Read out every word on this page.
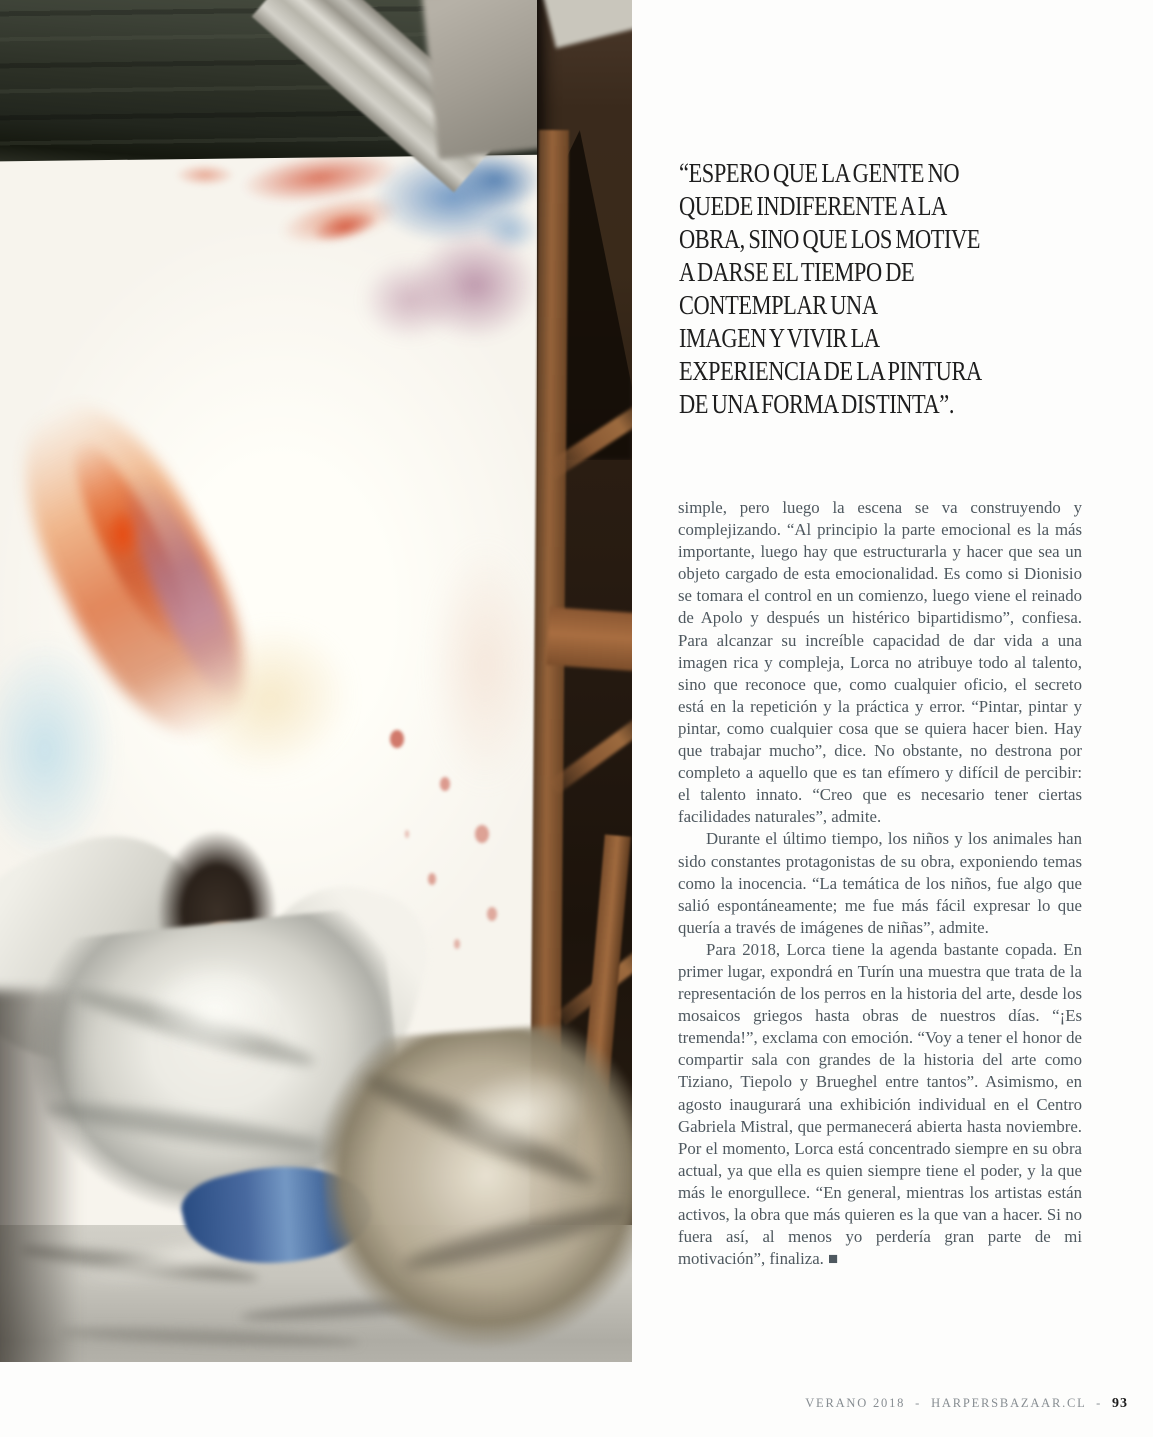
“ESPERO QUE LA GENTE NO
QUEDE INDIFERENTE A LA
OBRA, SINO QUE LOS MOTIVE
A DARSE EL TIEMPO DE
CONTEMPLAR UNA
IMAGEN Y VIVIR LA
EXPERIENCIA DE LA PINTURA
DE UNA FORMA DISTINTA”.

simple, pero luego la escena se va construyendo y complejizando. “Al principio la parte emocional es la más importante, luego hay que estructurarla y hacer que sea un objeto cargado de esta emocionalidad. Es como si Dionisio se tomara el control en un comienzo, luego viene el reinado de Apolo y después un histérico bipartidismo”, confiesa. Para alcanzar su increíble capacidad de dar vida a una imagen rica y compleja, Lorca no atribuye todo al talento, sino que reconoce que, como cualquier oficio, el secreto está en la repetición y la práctica y error. “Pintar, pintar y pintar, como cualquier cosa que se quiera hacer bien. Hay que trabajar mucho”, dice. No obstante, no destrona por completo a aquello que es tan efímero y difícil de percibir: el talento innato. “Creo que es necesario tener ciertas facilidades naturales”, admite.

Durante el último tiempo, los niños y los animales han sido constantes protagonistas de su obra, exponiendo temas como la inocencia. “La temática de los niños, fue algo que salió espontáneamente; me fue más fácil expresar lo que quería a través de imágenes de niñas”, admite.

Para 2018, Lorca tiene la agenda bastante copada. En primer lugar, expondrá en Turín una muestra que trata de la representación de los perros en la historia del arte, desde los mosaicos griegos hasta obras de nuestros días. “¡Es tremenda!”, exclama con emoción. “Voy a tener el honor de compartir sala con grandes de la historia del arte como Tiziano, Tiepolo y Brueghel entre tantos”. Asimismo, en agosto inaugurará una exhibición individual en el Centro Gabriela Mistral, que permanecerá abierta hasta noviembre. Por el momento, Lorca está concentrado siempre en su obra actual, ya que ella es quien siempre tiene el poder, y la que más le enorgullece. “En general, mientras los artistas están activos, la obra que más quieren es la que van a hacer. Si no fuera así, al menos yo perdería gran parte de mi motivación”, finaliza. ■

VERANO 2018 - HARPERSBAZAAR.CL - 93
